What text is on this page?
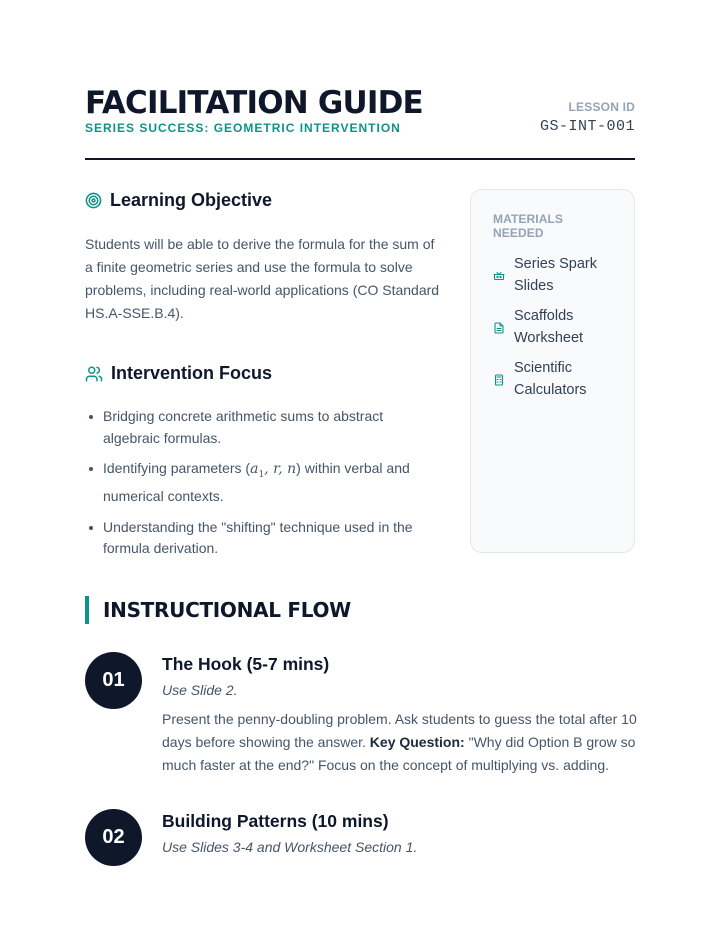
FACILITATION GUIDE
SERIES SUCCESS: GEOMETRIC INTERVENTION
LESSON ID
GS-INT-001
Learning Objective

Students will be able to derive the formula for the sum of a finite geometric series and use the formula to solve problems, including real-world applications (CO Standard HS.A-SSE.B.4).

Intervention Focus
Bridging concrete arithmetic sums to abstract algebraic formulas.
Identifying parameters ($a_1$, r, n) within verbal and numerical contexts.
Understanding the "shifting" technique used in the formula derivation.
MATERIALS NEEDED
Series Spark Slides
Scaffolds Worksheet
Scientific Calculators
INSTRUCTIONAL FLOW
01
The Hook (5-7 mins)
Use Slide 2.

Present the penny-doubling problem. Ask students to guess the total after 10 days before showing the answer. Key Question: "Why did Option B grow so much faster at the end?" Focus on the concept of multiplying vs. adding.

02
Building Patterns (10 mins)
Use Slides 3-4 and Worksheet Section 1.
